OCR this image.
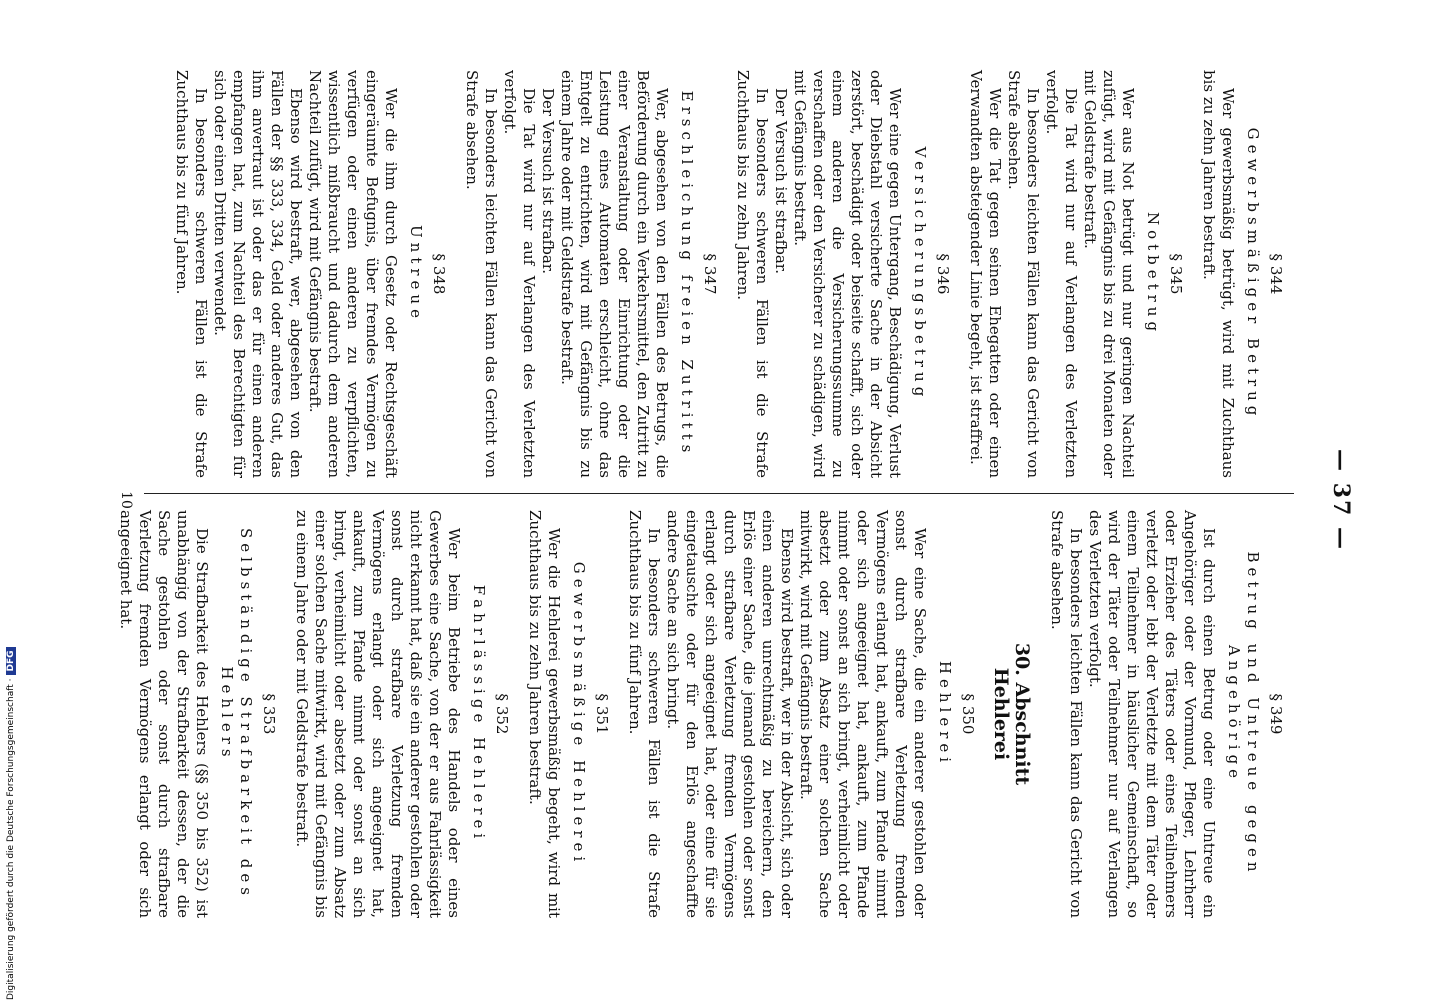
— 37 —
§ 344
Gewerbsmäßiger Betrug

Wer gewerbsmäßig betrügt, wird mit Zuchthaus bis zu zehn Jahren bestraft.

§ 345
Notbetrug

Wer aus Not betrügt und nur geringen Nachteil zufügt, wird mit Gefängnis bis zu drei Monaten oder mit Geldstrafe bestraft.

Die Tat wird nur auf Verlangen des Verletzten verfolgt.

In besonders leichten Fällen kann das Gericht von Strafe absehen.

Wer die Tat gegen seinen Ehegatten oder einen Verwandten absteigender Linie begeht, ist straffrei.

§ 346
Versicherungsbetrug

Wer eine gegen Untergang, Beschädigung, Verlust oder Diebstahl versicherte Sache in der Absicht zerstört, beschädigt oder beiseite schafft, sich oder einem anderen die Versicherungssumme zu verschaffen oder den Versicherer zu schädigen, wird mit Gefängnis bestraft.

Der Versuch ist strafbar.

In besonders schweren Fällen ist die Strafe Zuchthaus bis zu zehn Jahren.

§ 347
Erschleichung freien Zutritts

Wer, abgesehen von den Fällen des Betrugs, die Beförderung durch ein Verkehrsmittel, den Zutritt zu einer Veranstaltung oder Einrichtung oder die Leistung eines Automaten erschleicht, ohne das Entgelt zu entrichten, wird mit Gefängnis bis zu einem Jahre oder mit Geldstrafe bestraft.

Der Versuch ist strafbar.

Die Tat wird nur auf Verlangen des Verletzten verfolgt.

In besonders leichten Fällen kann das Gericht von Strafe absehen.

§ 348
Untreue

Wer die ihm durch Gesetz oder Rechtsgeschäft eingeräumte Befugnis, über fremdes Vermögen zu verfügen oder einen anderen zu verpflichten, wissentlich mißbraucht und dadurch dem anderen Nachteil zufügt, wird mit Gefängnis bestraft.

Ebenso wird bestraft, wer, abgesehen von den Fällen der §§ 333, 334, Geld oder anderes Gut, das ihm anvertraut ist oder das er für einen anderen empfangen hat, zum Nachteil des Berechtigten für sich oder einen Dritten verwendet.

In besonders schweren Fällen ist die Strafe Zuchthaus bis zu fünf Jahren.

§ 349
Betrug und Untreue gegen Angehörige

Ist durch einen Betrug oder eine Untreue ein Angehöriger oder der Vormund, Pfleger, Lehrherr oder Erzieher des Täters oder eines Teilnehmers verletzt oder lebt der Verletzte mit dem Täter oder einem Teilnehmer in häuslicher Gemeinschaft, so wird der Täter oder Teilnehmer nur auf Verlangen des Verletzten verfolgt.

In besonders leichten Fällen kann das Gericht von Strafe absehen.

30. Abschnitt
Hehlerei
§ 350
Hehlerei

Wer eine Sache, die ein anderer gestohlen oder sonst durch strafbare Verletzung fremden Vermögens erlangt hat, ankauft, zum Pfande nimmt oder sich angeeignet hat, ankauft, zum Pfande nimmt oder sonst an sich bringt, verheimlicht oder absetzt oder zum Absatz einer solchen Sache mitwirkt, wird mit Gefängnis bestraft.

Ebenso wird bestraft, wer in der Absicht, sich oder einen anderen unrechtmäßig zu bereichern, den Erlös einer Sache, die jemand gestohlen oder sonst durch strafbare Verletzung fremden Vermögens erlangt oder sich angeeignet hat, oder eine für sie eingetauschte oder für den Erlös angeschaffte andere Sache an sich bringt.

In besonders schweren Fällen ist die Strafe Zuchthaus bis zu fünf Jahren.

§ 351
Gewerbsmäßige Hehlerei

Wer die Hehlerei gewerbsmäßig begeht, wird mit Zuchthaus bis zu zehn Jahren bestraft.

§ 352
Fahrlässige Hehlerei

Wer beim Betriebe des Handels oder eines Gewerbes eine Sache, von der er aus Fahrlässigkeit nicht erkannt hat, daß sie ein anderer gestohlen oder sonst durch strafbare Verletzung fremden Vermögens erlangt oder sich angeeignet hat, ankauft, zum Pfande nimmt oder sonst an sich bringt, verheimlicht oder absetzt oder zum Absatz einer solchen Sache mitwirkt, wird mit Gefängnis bis zu einem Jahre oder mit Geldstrafe bestraft.

§ 353
Selbständige Strafbarkeit des Hehlers

Die Strafbarkeit des Hehlers (§§ 350 bis 352) ist unabhängig von der Strafbarkeit dessen, der die Sache gestohlen oder sonst durch strafbare Verletzung fremden Vermögens erlangt oder sich angeeignet hat.

10
Digitalisierung gefördert durch die Deutsche Forschungsgemeinschaft ·DFG
